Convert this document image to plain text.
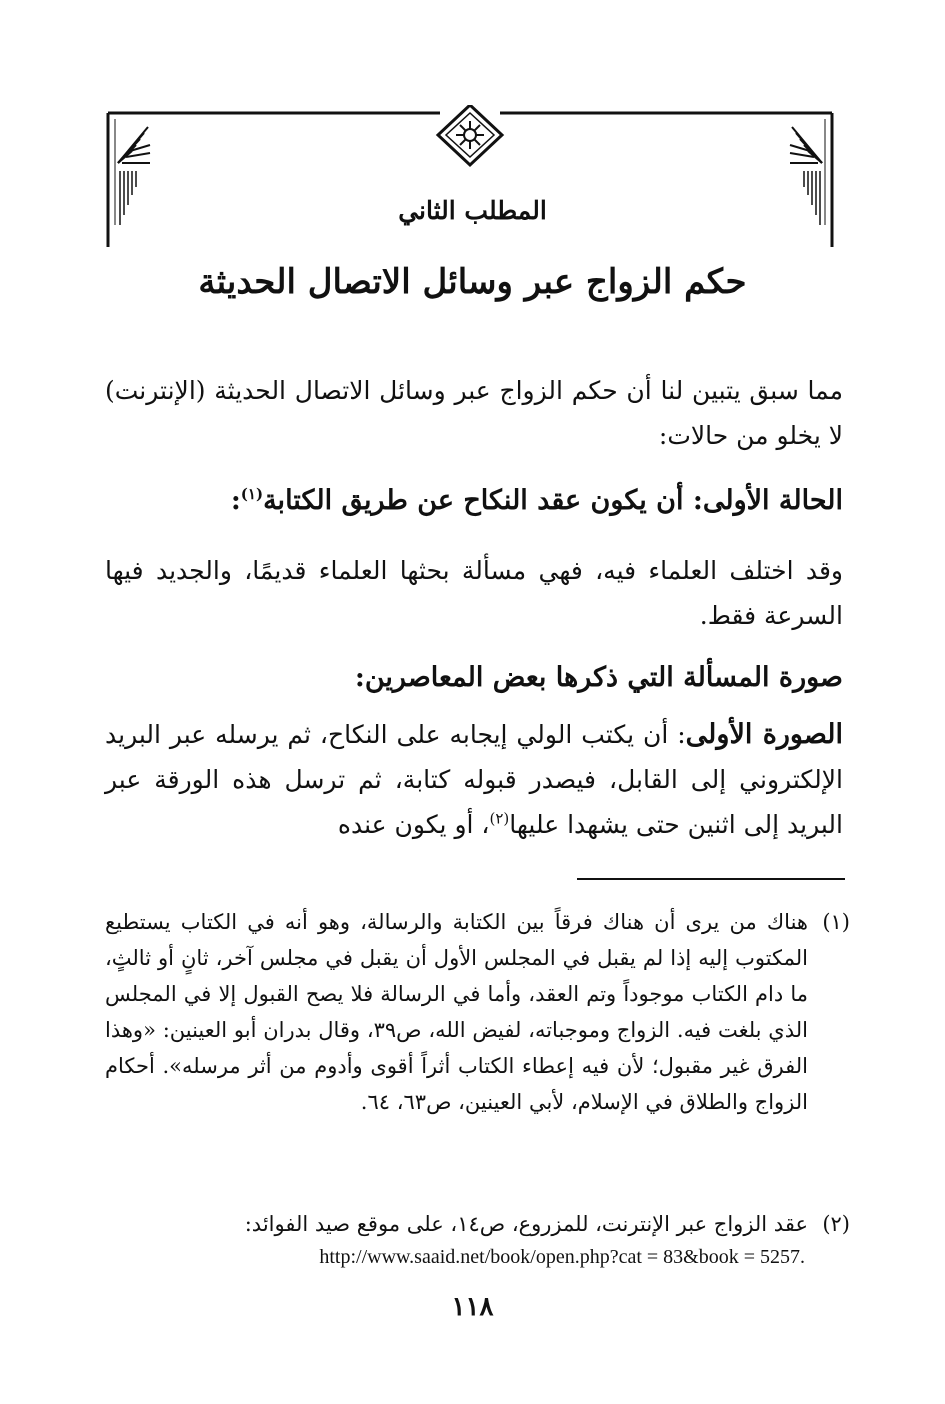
المطلب الثاني
حكم الزواج عبر وسائل الاتصال الحديثة
مما سبق يتبين لنا أن حكم الزواج عبر وسائل الاتصال الحديثة (الإنترنت) لا يخلو من حالات:
الحالة الأولى: أن يكون عقد النكاح عن طريق الكتابة$^{(١)}$:
وقد اختلف العلماء فيه، فهي مسألة بحثها العلماء قديمًا، والجديد فيها السرعة فقط.
صورة المسألة التي ذكرها بعض المعاصرين:
الصورة الأولى: أن يكتب الولي إيجابه على النكاح، ثم يرسله عبر البريد الإلكتروني إلى القابل، فيصدر قبوله كتابة، ثم ترسل هذه الورقة عبر البريد إلى اثنين حتى يشهدا عليها$^{(٢)}$، أو يكون عنده
(١)
هناك من يرى أن هناك فرقاً بين الكتابة والرسالة، وهو أنه في الكتاب يستطيع المكتوب إليه إذا لم يقبل في المجلس الأول أن يقبل في مجلس آخر، ثانٍ أو ثالثٍ، ما دام الكتاب موجوداً وتم العقد، وأما في الرسالة فلا يصح القبول إلا في المجلس الذي بلغت فيه. الزواج وموجباته، لفيض الله، ص٣٩، وقال بدران أبو العينين: «وهذا الفرق غير مقبول؛ لأن فيه إعطاء الكتاب أثراً أقوى وأدوم من أثر مرسله». أحكام الزواج والطلاق في الإسلام، لأبي العينين، ص٦٣، ٦٤.
(٢)
عقد الزواج عبر الإنترنت، للمزروع، ص١٤، على موقع صيد الفوائد:
http://www.saaid.net/book/open.php?cat = 83&book = 5257.
١١٨
